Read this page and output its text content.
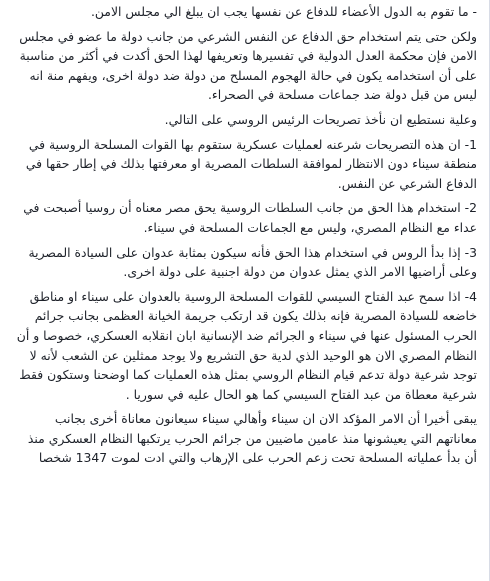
- ما تقوم به الدول الأعضاء للدفاع عن نفسها يجب ان يبلغ الي مجلس الامن.

ولكن حتى يتم استخدام حق الدفاع عن النفس الشرعي من جانب دولة ما عضو في مجلس الامن فإن محكمة العدل الدولية في تفسيرها وتعريفها لهذا الحق أكدت في أكثر من مناسبة على أن استخدامه يكون في حالة الهجوم المسلح من دولة ضد دولة اخرى، ويفهم منة انه ليس من قبل دولة ضد جماعات مسلحة في الصحراء.

وعلية نستطيع ان نأخذ تصريحات الرئيس الروسي على التالي.

1- ان هذه التصريحات شرعنه لعمليات عسكرية ستقوم بها القوات المسلحة الروسية في منطقة سيناء دون الانتظار لموافقة السلطات المصرية او معرفتها بذلك في إطار حقها في الدفاع الشرعي عن النفس.

2- استخدام هذا الحق من جانب السلطات الروسية يحق مصر معناه أن روسيا أصبحت في عداء مع النظام المصري، وليس مع الجماعات المسلحة في سيناء.

3- إذا بدأ الروس في استخدام هذا الحق فأنه سيكون بمثابة عدوان على السيادة المصرية وعلى أراضيها الامر الذي يمثل عدوان من دولة اجنبية على دولة اخرى.

4- اذا سمح عبد الفتاح السيسي للقوات المسلحة الروسية بالعدوان على سيناء او مناطق خاضعه للسيادة المصرية فإنه بذلك يكون قد ارتكب جريمة الخيانة العظمى بجانب جرائم الحرب المسئول عنها في سيناء و الجرائم ضد الإنسانية ابان انقلابه العسكري، خصوصا و أن النظام المصري الان هو الوحيد الذي لدية حق التشريع ولا يوجد ممثلين عن الشعب لأنه لا توجد شرعية دولة تدعم قيام النظام الروسي بمثل هذه العمليات كما اوضحنا وستكون فقط شرعية معطاة من عبد الفتاح السيسي كما هو الحال عليه في سوريا .

يبقى أخيرا أن الامر المؤكد الان ان سيناء وأهالي سيناء سيعانون معاناة أخرى بجانب معاناتهم التي يعيشونها منذ عامين ماضيين من جرائم الحرب يرتكبها النظام العسكري منذ أن بدأ عملياته المسلحة تحت زعم الحرب على الإرهاب والتي ادت لموت 1347 شخصا
